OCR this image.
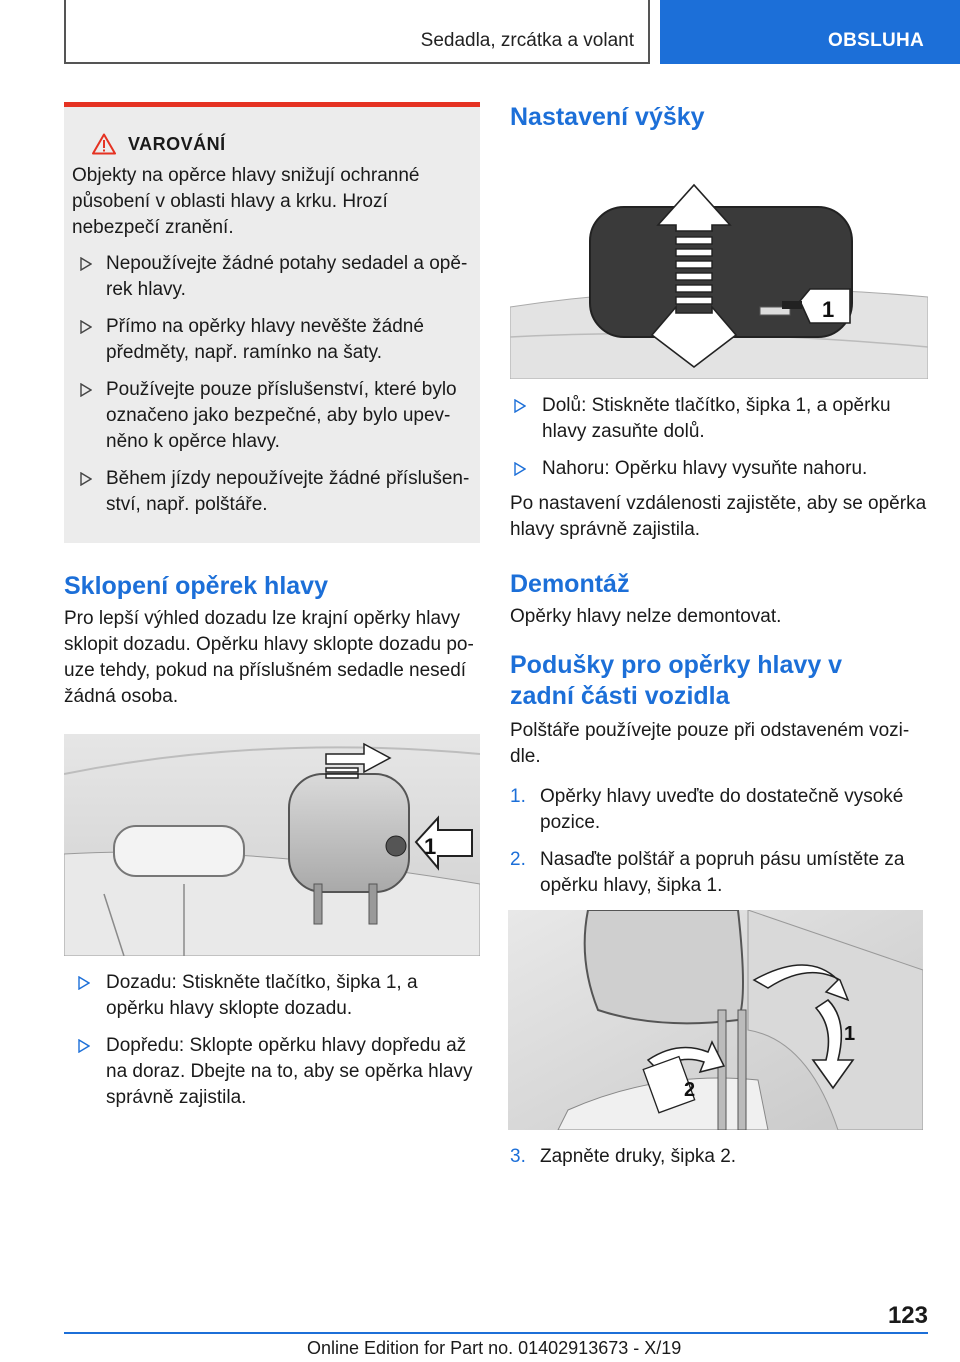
Sedadla, zrcátka a volant	OBSLUHA
VAROVÁNÍ

Objekty na opěrce hlavy snižují ochranné působení v oblasti hlavy a krku. Hrozí nebezpečí zranění.

Nepoužívejte žádné potahy sedadel a opěrek hlavy.
Přímo na opěrky hlavy nevěšte žádné předměty, např. ramínko na šaty.
Používejte pouze příslušenství, které bylo označeno jako bezpečné, aby bylo upevněno k opěrce hlavy.
Během jízdy nepoužívejte žádné příslušenství, např. polštáře.
Sklopení opěrek hlavy

Pro lepší výhled dozadu lze krajní opěrky hlavy sklopit dozadu. Opěrku hlavy sklopte dozadu pouze tehdy, pokud na příslušném sedadle nesedí žádná osoba.

1
Dozadu: Stiskněte tlačítko, šipka 1, a opěrku hlavy sklopte dozadu.
Dopředu: Sklopte opěrku hlavy dopředu až na doraz. Dbejte na to, aby se opěrka hlavy správně zajistila.
Nastavení výšky
1
Dolů: Stiskněte tlačítko, šipka 1, a opěrku hlavy zasuňte dolů.
Nahoru: Opěrku hlavy vysuňte nahoru.

Po nastavení vzdálenosti zajistěte, aby se opěrka hlavy správně zajistila.

Demontáž

Opěrky hlavy nelze demontovat.

Podušky pro opěrky hlavy v zadní části vozidla

Polštáře používejte pouze při odstaveném vozidle.

1. Opěrky hlavy uveďte do dostatečně vysoké pozice.
2. Nasaďte polštář a popruh pásu umístěte za opěrku hlavy, šipka 1.
1
2
3. Zapněte druky, šipka 2.
123
Online Edition for Part no. 01402913673 - X/19
